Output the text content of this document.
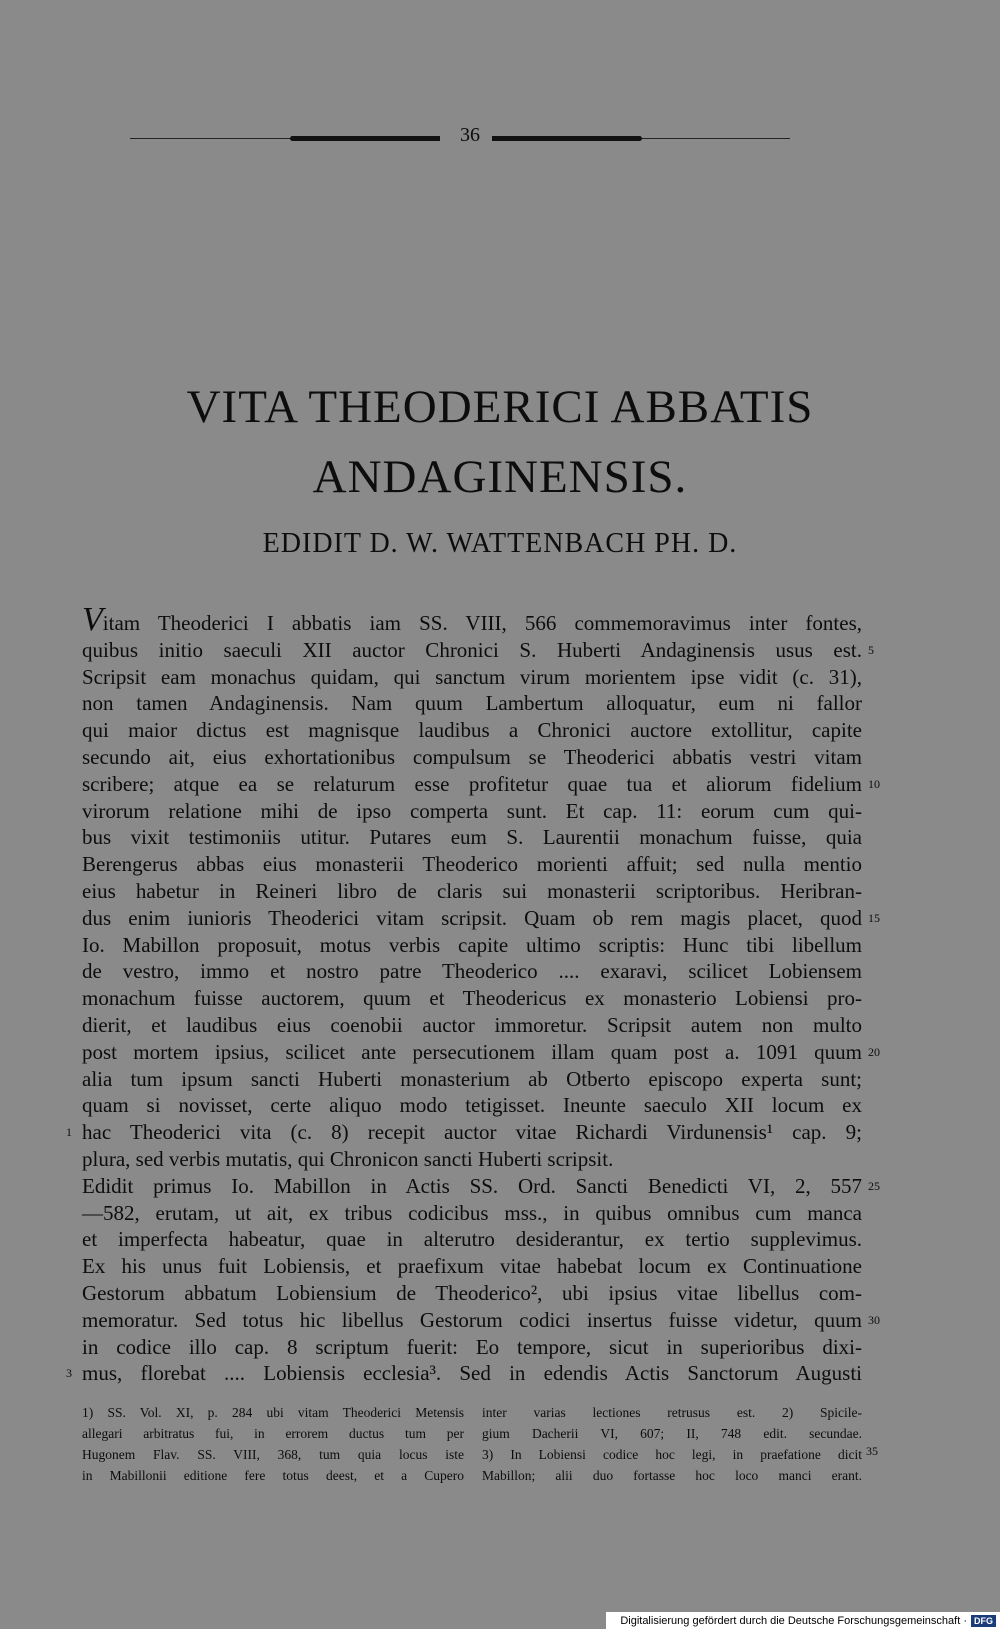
36
VITA THEODERICI ABBATIS
ANDAGINENSIS.
EDIDIT D. W. WATTENBACH PH. D.
Vitam Theoderici I abbatis iam SS. VIII, 566 commemoravimus inter fontes,
quibus initio saeculi XII auctor Chronici S. Huberti Andaginensis usus est. 5
Scripsit eam monachus quidam, qui sanctum virum morientem ipse vidit (c. 31),
non tamen Andaginensis. Nam quum Lambertum alloquatur, eum ni fallor
qui maior dictus est magnisque laudibus a Chronici auctore extollitur, capite
secundo ait, eius exhortationibus compulsum se Theoderici abbatis vestri vitam
scribere; atque ea se relaturum esse profitetur quae tua et aliorum fidelium 10
virorum relatione mihi de ipso comperta sunt. Et cap. 11: eorum cum qui-
bus vixit testimoniis utitur. Putares eum S. Laurentii monachum fuisse, quia
Berengerus abbas eius monasterii Theoderico morienti affuit; sed nulla mentio
eius habetur in Reineri libro de claris sui monasterii scriptoribus. Heribran-
dus enim iunioris Theoderici vitam scripsit. Quam ob rem magis placet, quod 15
Io. Mabillon proposuit, motus verbis capite ultimo scriptis: Hunc tibi libellum
de vestro, immo et nostro patre Theoderico .... exaravi, scilicet Lobiensem
monachum fuisse auctorem, quum et Theodericus ex monasterio Lobiensi pro-
dierit, et laudibus eius coenobii auctor immoretur. Scripsit autem non multo
post mortem ipsius, scilicet ante persecutionem illam quam post a. 1091 quum 20
alia tum ipsum sancti Huberti monasterium ab Otberto episcopo experta sunt;
quam si novisset, certe aliquo modo tetigisset. Ineunte saeculo XII locum ex
hac Theoderici vita (c. 8) recepit auctor vitae Richardi Virdunensis¹ cap. 9;
1
plura, sed verbis mutatis, qui Chronicon sancti Huberti scripsit.
Edidit primus Io. Mabillon in Actis SS. Ord. Sancti Benedicti VI, 2, 557 25
—582, erutam, ut ait, ex tribus codicibus mss., in quibus omnibus cum manca
et imperfecta habeatur, quae in alterutro desiderantur, ex tertio supplevimus.
Ex his unus fuit Lobiensis, et praefixum vitae habebat locum ex Continuatione
Gestorum abbatum Lobiensium de Theoderico², ubi ipsius vitae libellus com-
memoratur. Sed totus hic libellus Gestorum codici insertus fuisse videtur, quum 30
in codice illo cap. 8 scriptum fuerit: Eo tempore, sicut in superioribus dixi-
mus, florebat .... Lobiensis ecclesia³. Sed in edendis Actis Sanctorum Augusti
3
1) SS. Vol. XI, p. 284 ubi vitam Theoderici Metensis
allegari arbitratus fui, in errorem ductus tum per
Hugonem Flav. SS. VIII, 368, tum quia locus iste
in Mabillonii editione fere totus deest, et a Cupero
inter varias lectiones retrusus est. 2) Spicile-
gium Dacherii VI, 607; II, 748 edit. secundae.
3) In Lobiensi codice hoc legi, in praefatione dicit
Mabillon; alii duo fortasse hoc loco manci erant.
35
Digitalisierung gefördert durch die Deutsche Forschungsgemeinschaft · DFG
